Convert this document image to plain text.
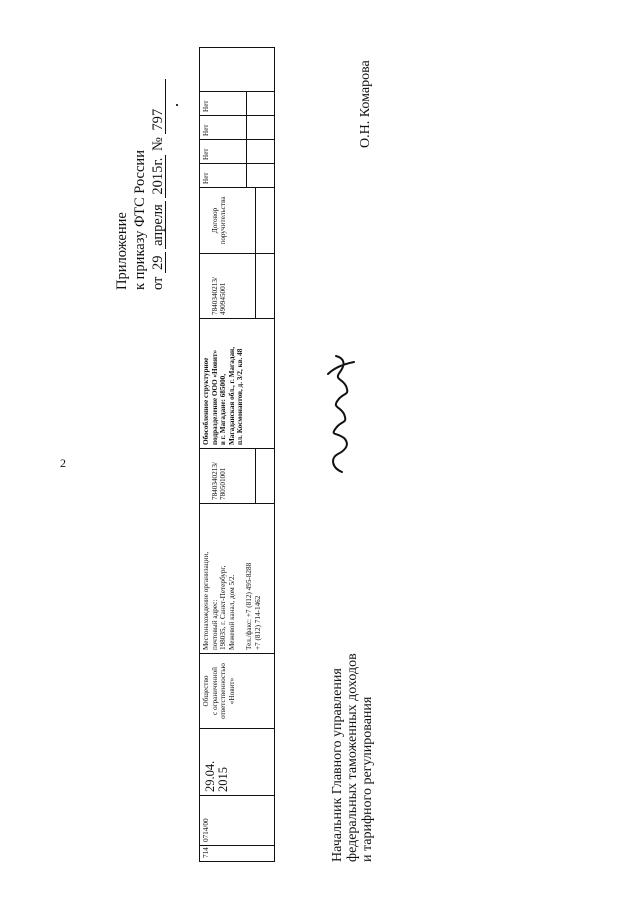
2
Приложение к приказу ФТС России от 29 апреля 2015г. № 797
714
0714/00
29.04.
2015
Общество
с ограниченной
ответственностью
«Новит»
Местонахождение организации,
почтовый адрес:
198035, г. Санкт-Петербург,
Межевой канал, дом 5/2.

Тел./факс: +7 (812) 495-8288
+7 (812) 714-1462

7840340213/
780501001

Обособленное структурное
подразделение ООО «Новит»
в г. Магадане: 685000,
Магаданская обл., г. Магадан,
пл. Космонавтов, д. 3/2, кв. 48

7840340213/
490945001

Договор
поручительства

Нет
Нет
Нет
Нет
Начальник Главного управления
федеральных таможенных доходов
и тарифного регулирования
О.Н. Комарова
